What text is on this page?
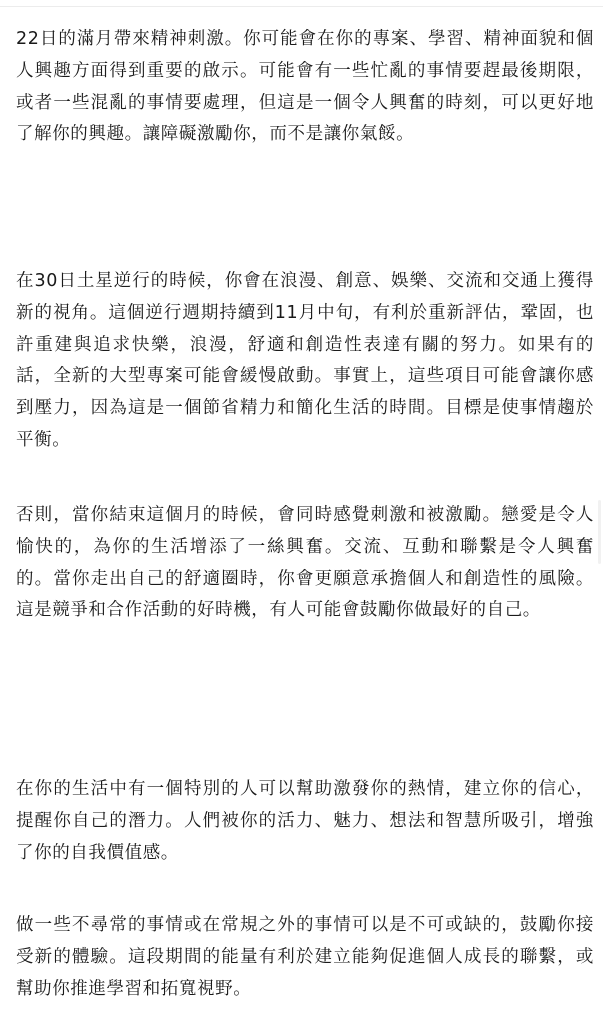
22日的滿月帶來精神刺激。你可能會在你的專案、學習、精神面貌和個人興趣方面得到重要的啟示。可能會有一些忙亂的事情要趕最後期限，或者一些混亂的事情要處理，但這是一個令人興奮的時刻，可以更好地了解你的興趣。讓障礙激勵你，而不是讓你氣餒。

在30日土星逆行的時候，你會在浪漫、創意、娛樂、交流和交通上獲得新的視角。這個逆行週期持續到11月中旬，有利於重新評估，鞏固，也許重建與追求快樂，浪漫，舒適和創造性表達有關的努力。如果有的話，全新的大型專案可能會緩慢啟動。事實上，這些項目可能會讓你感到壓力，因為這是一個節省精力和簡化生活的時間。目標是使事情趨於平衡。

否則，當你結束這個月的時候，會同時感覺刺激和被激勵。戀愛是令人愉快的，為你的生活增添了一絲興奮。交流、互動和聯繫是令人興奮的。當你走出自己的舒適圈時，你會更願意承擔個人和創造性的風險。這是競爭和合作活動的好時機，有人可能會鼓勵你做最好的自己。

在你的生活中有一個特別的人可以幫助激發你的熱情，建立你的信心，提醒你自己的潛力。人們被你的活力、魅力、想法和智慧所吸引，增強了你的自我價值感。

做一些不尋常的事情或在常規之外的事情可以是不可或缺的，鼓勵你接受新的體驗。這段期間的能量有利於建立能夠促進個人成長的聯繫，或幫助你推進學習和拓寬視野。
